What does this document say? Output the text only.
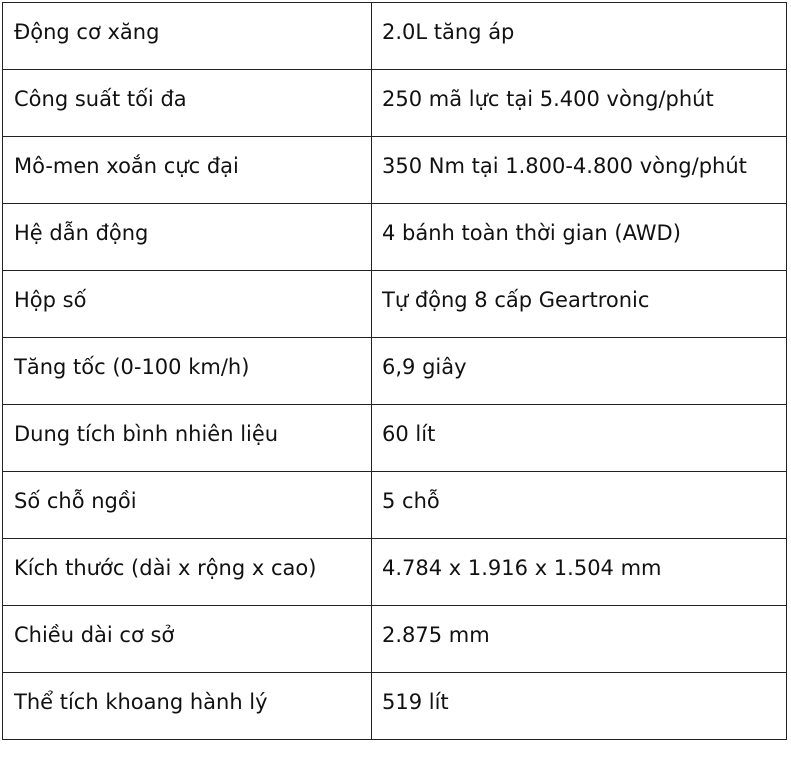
Động cơ xăng	2.0L tăng áp
Công suất tối đa	250 mã lực tại 5.400 vòng/phút
Mô-men xoắn cực đại	350 Nm tại 1.800-4.800 vòng/phút
Hệ dẫn động	4 bánh toàn thời gian (AWD)
Hộp số	Tự động 8 cấp Geartronic
Tăng tốc (0-100 km/h)	6,9 giây
Dung tích bình nhiên liệu	60 lít
Số chỗ ngồi	5 chỗ
Kích thước (dài x rộng x cao)	4.784 x 1.916 x 1.504 mm
Chiều dài cơ sở	2.875 mm
Thể tích khoang hành lý	519 lít
